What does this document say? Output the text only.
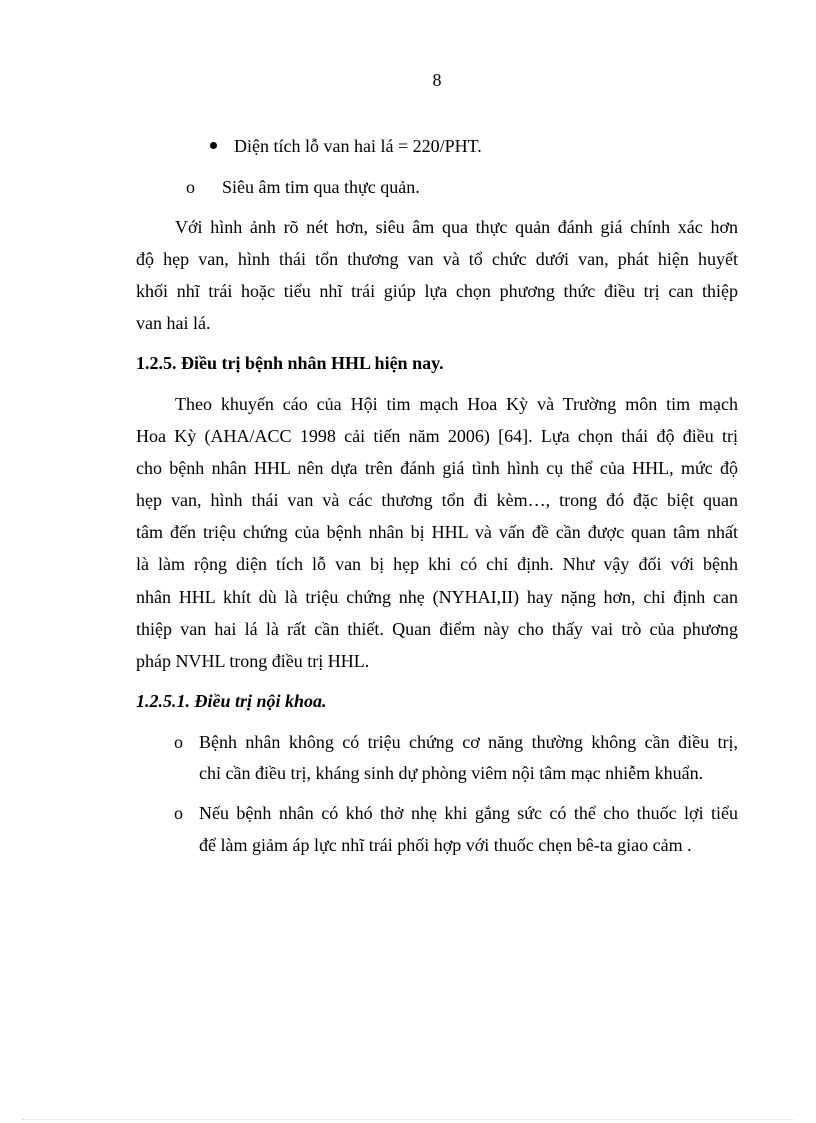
8
Diện tích lỗ van hai lá = 220/PHT.
o Siêu âm tim qua thực quản.
Với hình ảnh rõ nét hơn, siêu âm qua thực quản đánh giá chính xác hơn
độ hẹp van, hình thái tổn thương van và tổ chức dưới van, phát hiện huyết
khối nhĩ trái hoặc tiểu nhĩ trái giúp lựa chọn phương thức điều trị can thiệp
van hai lá.
1.2.5. Điều trị bệnh nhân HHL hiện nay.
Theo khuyến cáo của Hội tim mạch Hoa Kỳ và Trường môn tim mạch
Hoa Kỳ (AHA/ACC 1998 cải tiến năm 2006) [64]. Lựa chọn thái độ điều trị
cho bệnh nhân HHL nên dựa trên đánh giá tình hình cụ thể của HHL, mức độ
hẹp van, hình thái van và các thương tổn đi kèm…, trong đó đặc biệt quan
tâm đến triệu chứng của bệnh nhân bị HHL và vấn đề cần được quan tâm nhất
là làm rộng diện tích lỗ van bị hẹp khi có chỉ định. Như vậy đối với bệnh
nhân HHL khít dù là triệu chứng nhẹ (NYHAI,II) hay nặng hơn, chỉ định can
thiệp van hai lá là rất cần thiết. Quan điểm này cho thấy vai trò của phương
pháp NVHL trong điều trị HHL.
1.2.5.1. Điều trị nội khoa.
o Bệnh nhân không có triệu chứng cơ năng thường không cần điều trị,
chỉ cần điều trị, kháng sinh dự phòng viêm nội tâm mạc nhiễm khuẩn.
o Nếu bệnh nhân có khó thở nhẹ khi gắng sức có thể cho thuốc lợi tiểu
để làm giảm áp lực nhĩ trái phối hợp với thuốc chẹn bê-ta giao cảm .
